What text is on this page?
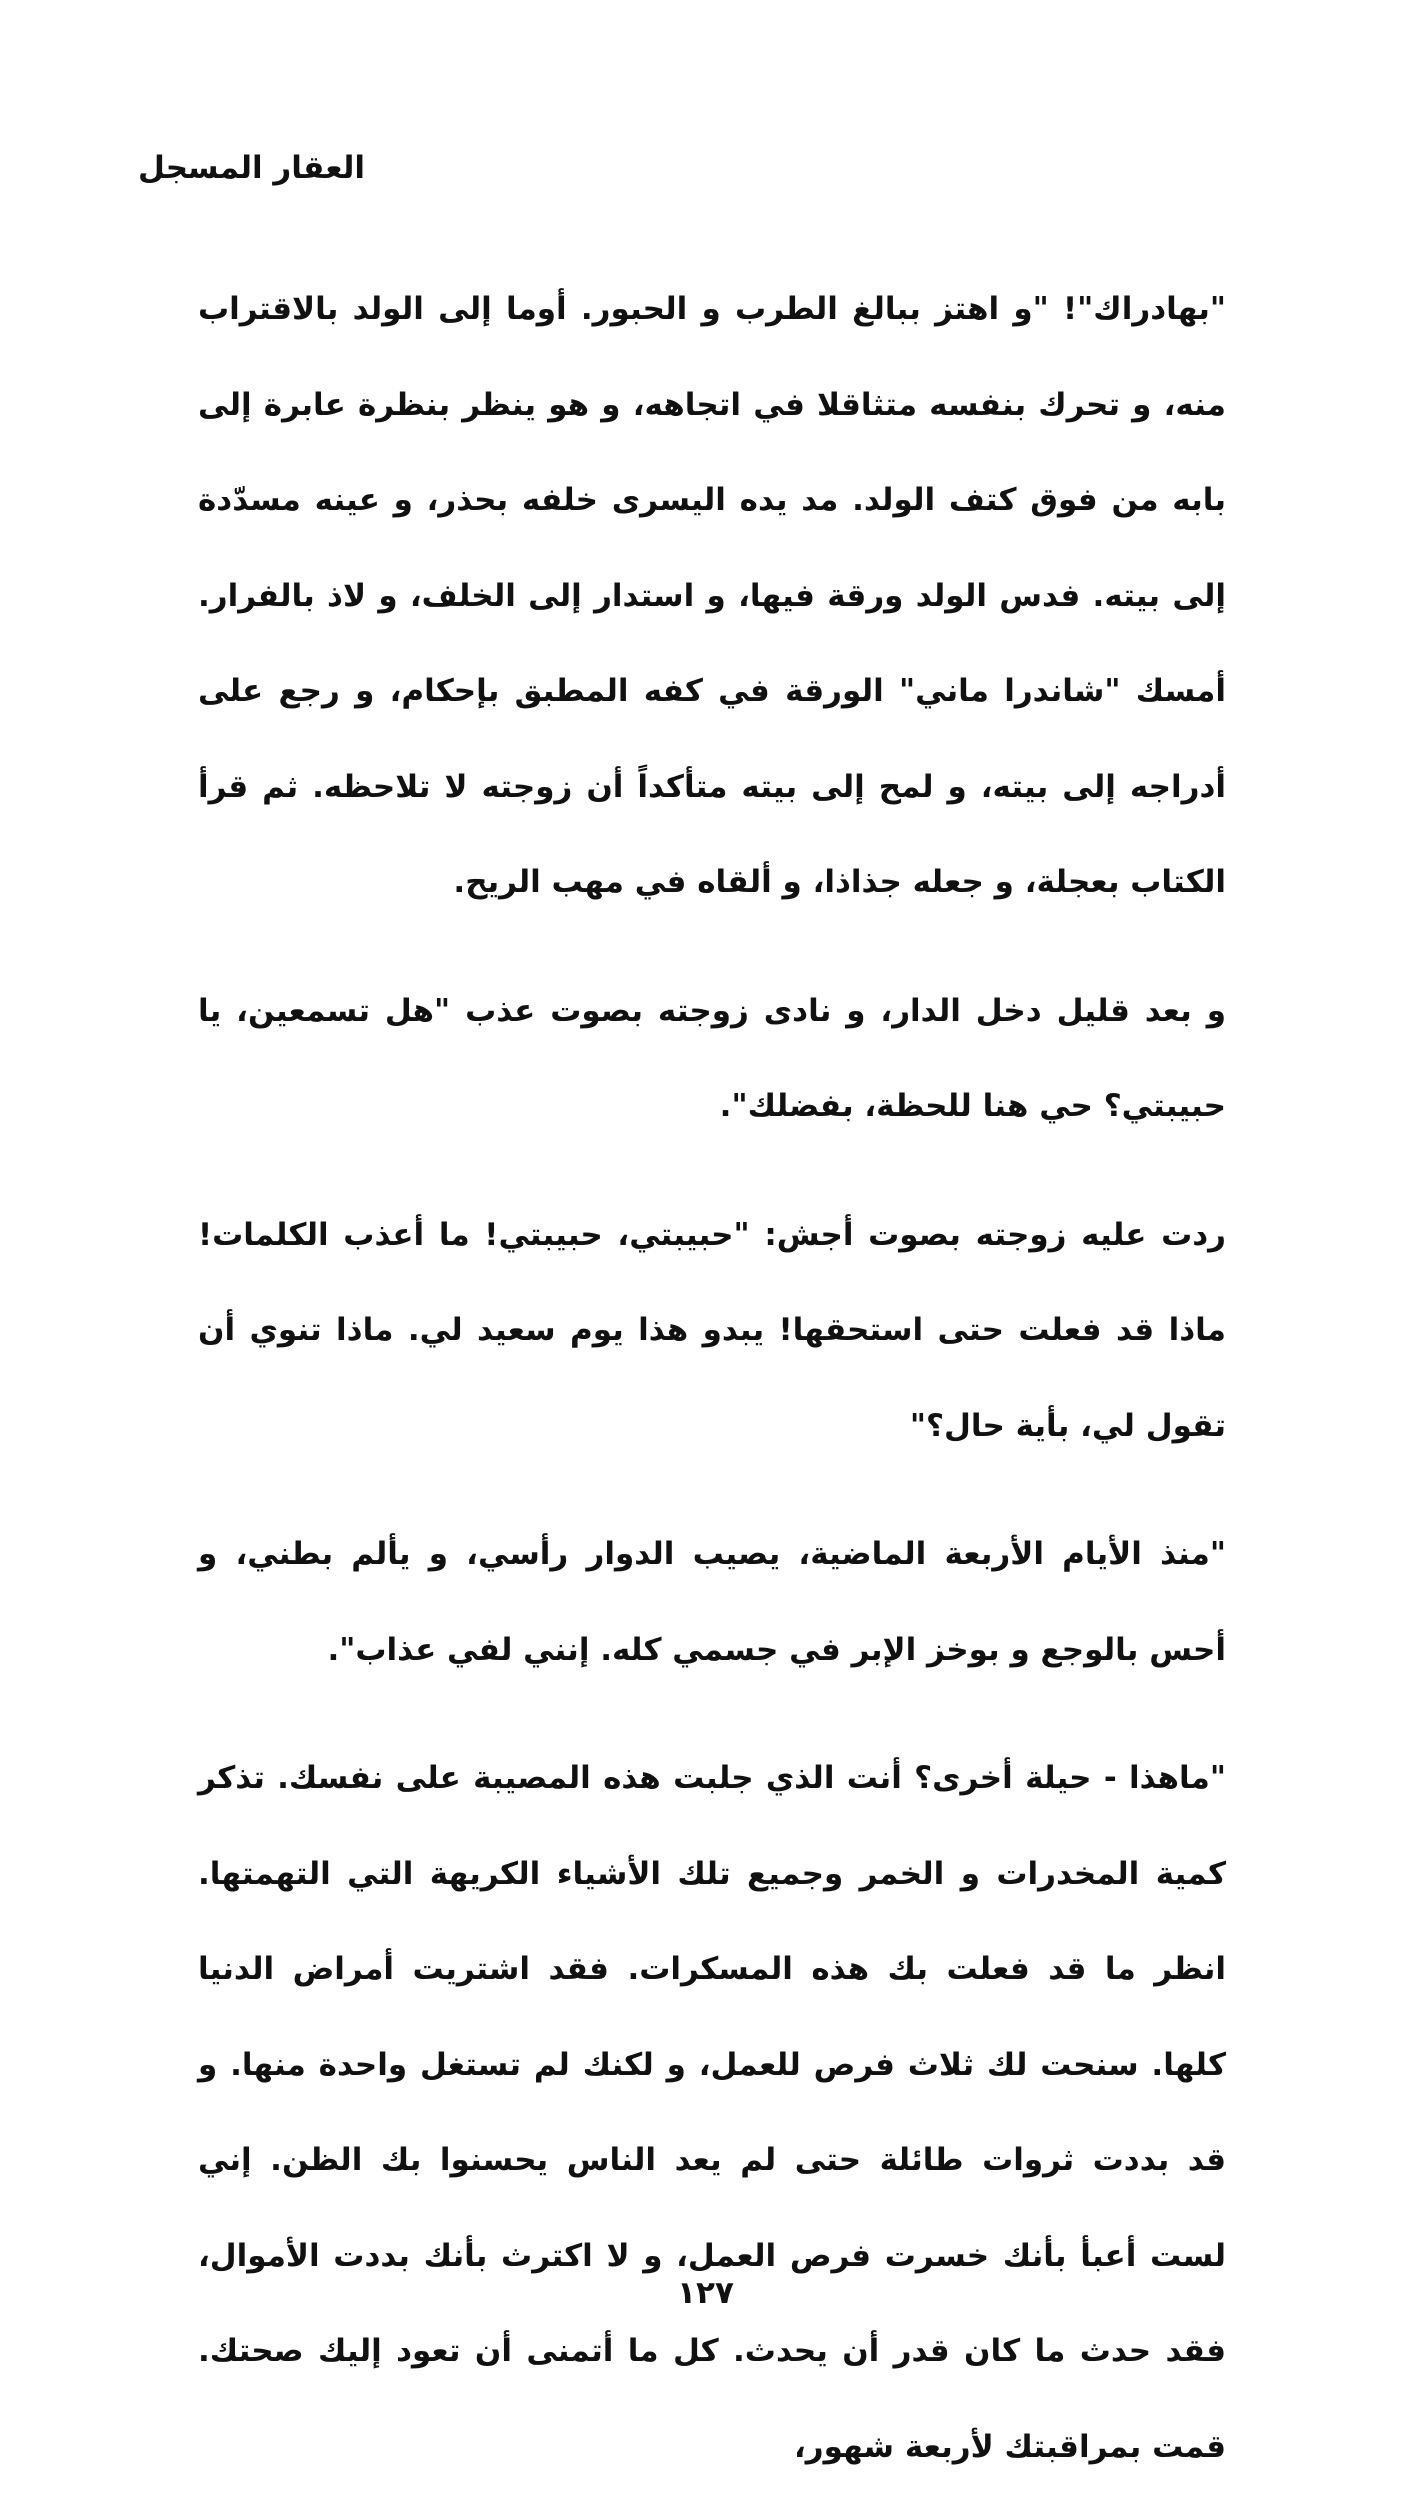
العقار المسجل

"بهادراك"! "و اهتز ببالغ الطرب و الحبور. أوما إلى الولد بالاقتراب منه، و تحرك بنفسه متثاقلا في اتجاهه، و هو ينظر بنظرة عابرة إلى بابه من فوق كتف الولد. مد يده اليسرى خلفه بحذر، و عينه مسدّدة إلى بيته. فدس الولد ورقة فيها، و استدار إلى الخلف، و لاذ بالفرار. أمسك "شاندرا ماني" الورقة في كفه المطبق بإحكام، و رجع على أدراجه إلى بيته، و لمح إلى بيته متأكداً أن زوجته لا تلاحظه. ثم قرأ الكتاب بعجلة، و جعله جذاذا، و ألقاه في مهب الريح.

و بعد قليل دخل الدار، و نادى زوجته بصوت عذب "هل تسمعين، يا حبيبتي؟ حي هنا للحظة، بفضلك".

ردت عليه زوجته بصوت أجش: "حبيبتي، حبيبتي! ما أعذب الكلمات! ماذا قد فعلت حتى استحقها! يبدو هذا يوم سعيد لي. ماذا تنوي أن تقول لي، بأية حال؟"

"منذ الأيام الأربعة الماضية، يصيب الدوار رأسي، و يألم بطني، و أحس بالوجع و بوخز الإبر في جسمي كله. إنني لفي عذاب".

"ماهذا - حيلة أخرى؟ أنت الذي جلبت هذه المصيبة على نفسك. تذكر كمية المخدرات و الخمر وجميع تلك الأشياء الكريهة التي التهمتها. انظر ما قد فعلت بك هذه المسكرات. فقد اشتريت أمراض الدنيا كلها. سنحت لك ثلاث فرص للعمل، و لكنك لم تستغل واحدة منها. و قد بددت ثروات طائلة حتى لم يعد الناس يحسنوا بك الظن. إني لست أعبأ بأنك خسرت فرص العمل، و لا اكترث بأنك بددت الأموال، فقد حدث ما كان قدر أن يحدث. كل ما أتمنى أن تعود إليك صحتك. قمت بمراقبتك لأربعة شهور،

١٢٧
